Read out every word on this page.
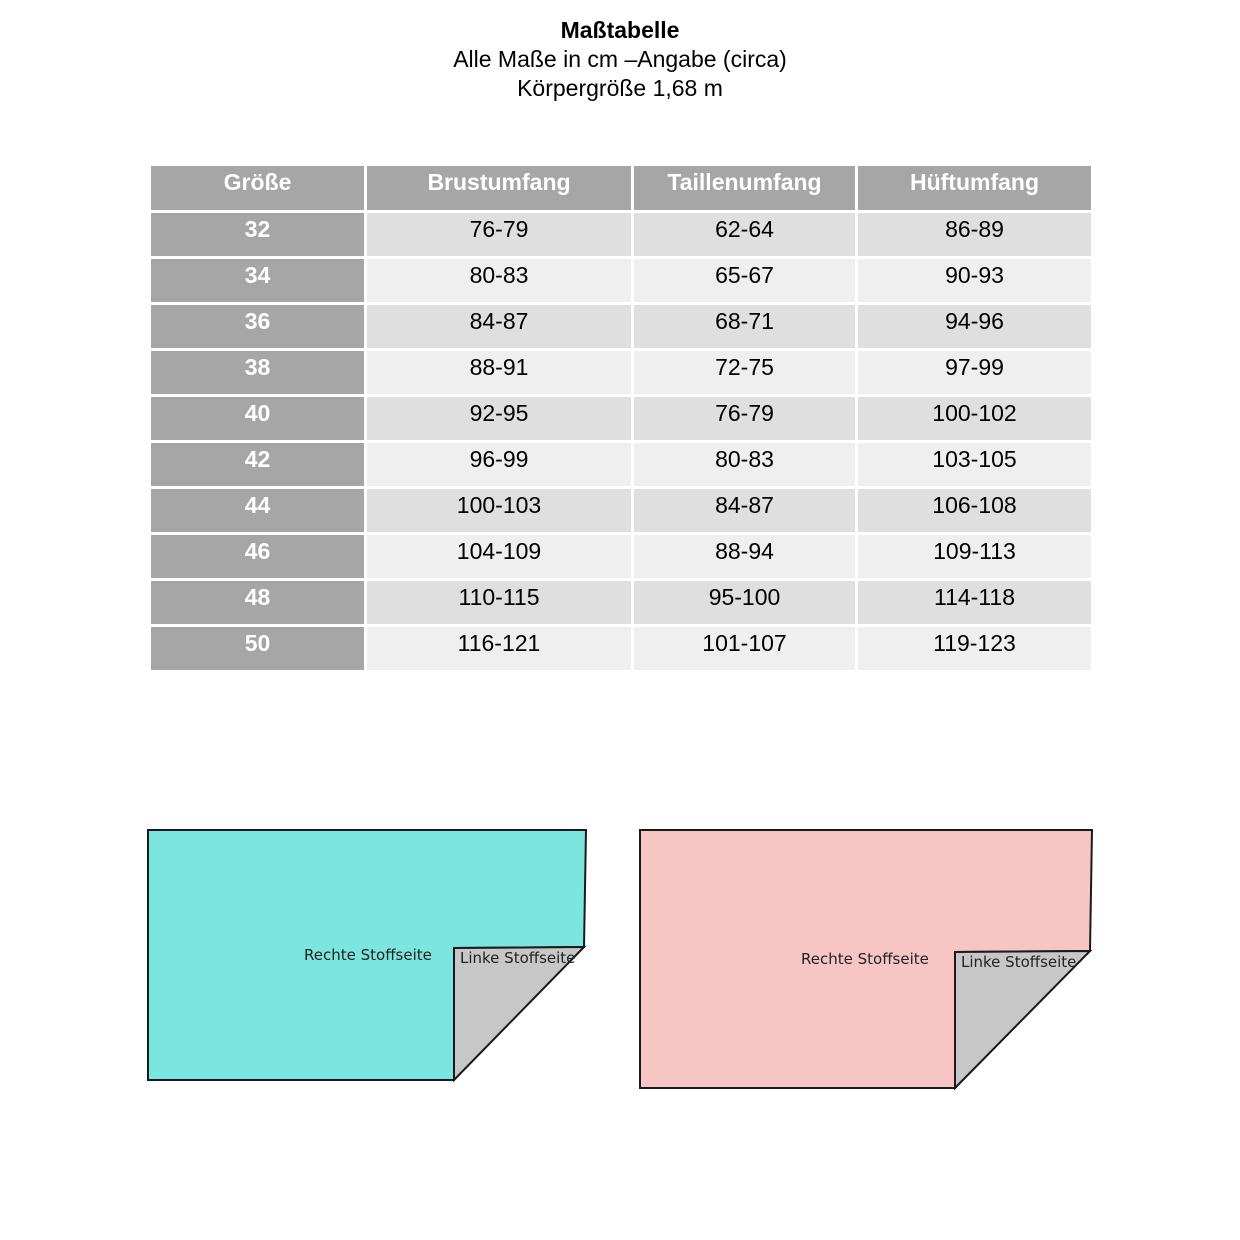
Maßtabelle
Alle Maße in cm –Angabe (circa)
Körpergröße 1,68 m
Größe	Brustumfang	Taillenumfang	Hüftumfang
32	76-79	62-64	86-89
34	80-83	65-67	90-93
36	84-87	68-71	94-96
38	88-91	72-75	97-99
40	92-95	76-79	100-102
42	96-99	80-83	103-105
44	100-103	84-87	106-108
46	104-109	88-94	109-113
48	110-115	95-100	114-118
50	116-121	101-107	119-123
Rechte Stoffseite Linke Stoffseite	Rechte Stoffseite Linke Stoffseite
